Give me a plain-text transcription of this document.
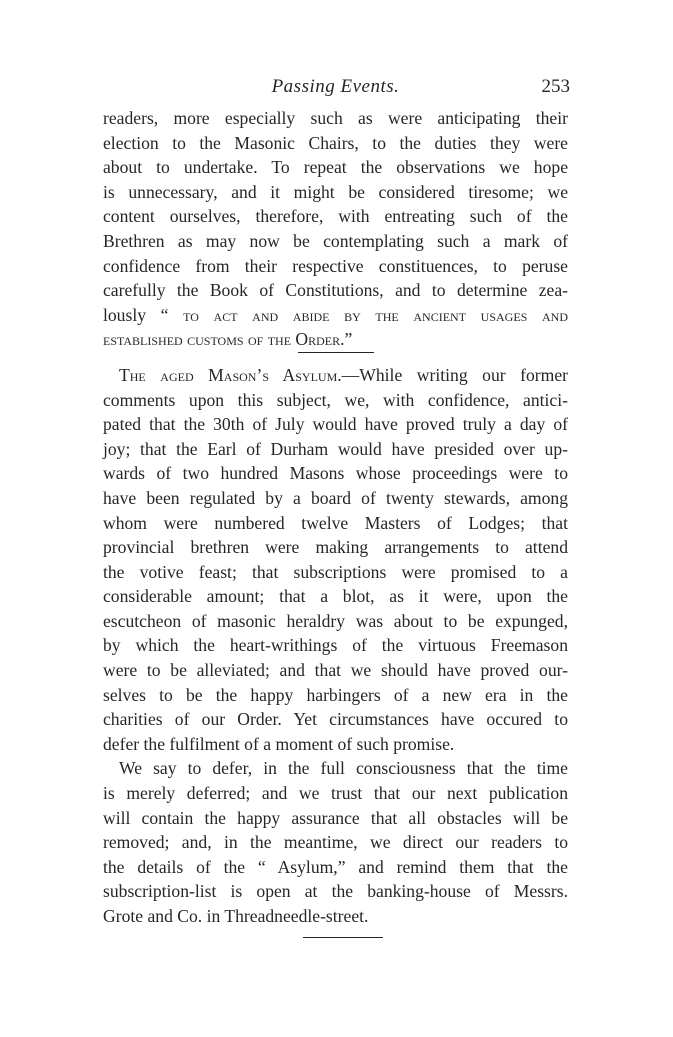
Passing Events.	253
readers, more especially such as were anticipating their
election to the Masonic Chairs, to the duties they were
about to undertake. To repeat the observations we hope
is unnecessary, and it might be considered tiresome; we
content ourselves, therefore, with entreating such of the
Brethren as may now be contemplating such a mark of
confidence from their respective constituences, to peruse
carefully the Book of Constitutions, and to determine zea-
lously “ to act and abide by the ancient usages and
established customs of the Order.”
The aged Mason’s Asylum.—While writing our former
comments upon this subject, we, with confidence, antici-
pated that the 30th of July would have proved truly a day of
joy; that the Earl of Durham would have presided over up-
wards of two hundred Masons whose proceedings were to
have been regulated by a board of twenty stewards, among
whom were numbered twelve Masters of Lodges; that
provincial brethren were making arrangements to attend
the votive feast; that subscriptions were promised to a
considerable amount; that a blot, as it were, upon the
escutcheon of masonic heraldry was about to be expunged,
by which the heart-writhings of the virtuous Freemason
were to be alleviated; and that we should have proved our-
selves to be the happy harbingers of a new era in the
charities of our Order. Yet circumstances have occured to
defer the fulfilment of a moment of such promise.
We say to defer, in the full consciousness that the time
is merely deferred; and we trust that our next publication
will contain the happy assurance that all obstacles will be
removed; and, in the meantime, we direct our readers to
the details of the “ Asylum,” and remind them that the
subscription-list is open at the banking-house of Messrs.
Grote and Co. in Threadneedle-street.
